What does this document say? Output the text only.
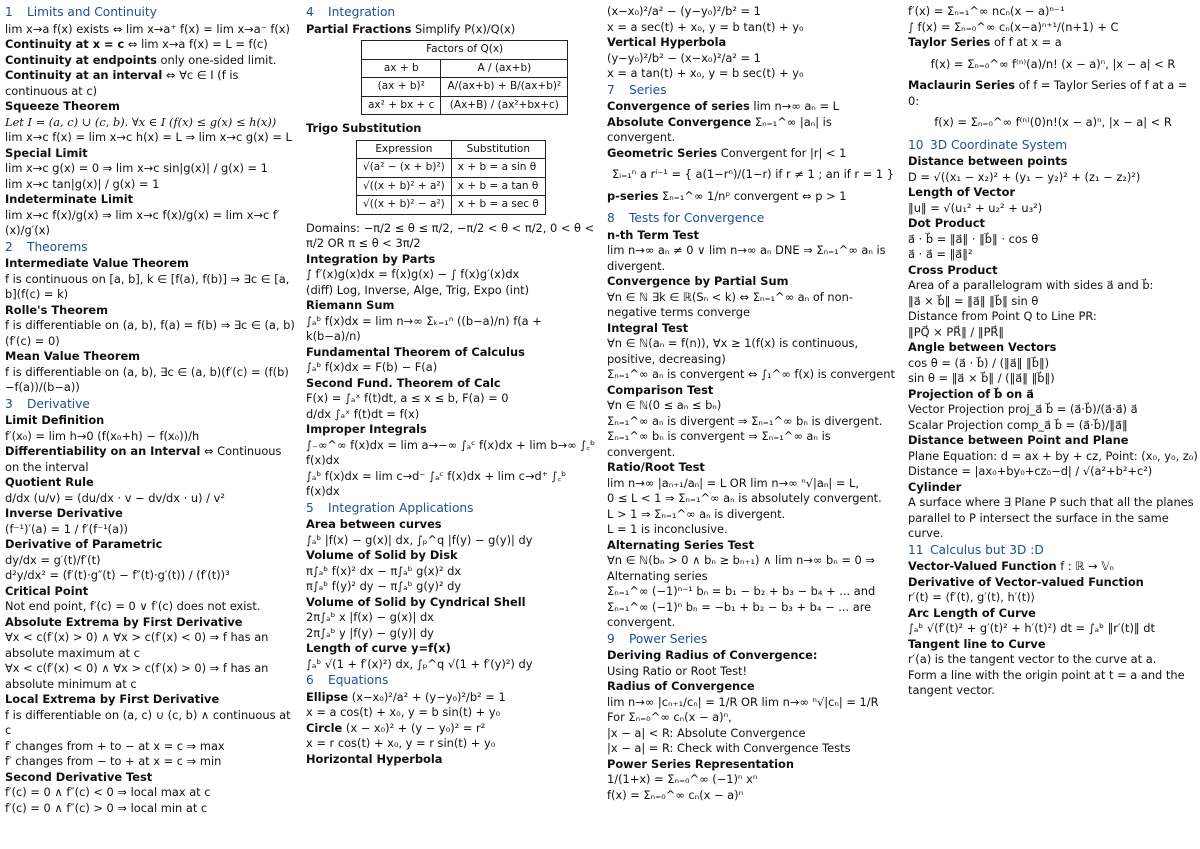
1 Limits and Continuity
lim x→a f(x) exists ⇔ lim x→a⁺ f(x) = lim x→a⁻ f(x)
Continuity at x = c ⇔ lim x→a f(x) = L = f(c)
Continuity at endpoints only one-sided limit.
Continuity at an interval ⇔ ∀c ∈ I (f is continuous at c)
Squeeze Theorem
Let I = (a, c) ∪ (c, b). ∀x ∈ I (f(x) ≤ g(x) ≤ h(x))
lim x→c f(x) = lim x→c h(x) = L ⇒ lim x→c g(x) = L
Special Limit
lim x→c g(x) = 0 ⇒ lim x→c sin|g(x)| / g(x) = 1
lim x→c tan|g(x)| / g(x) = 1
Indeterminate Limit
lim x→c f(x)/g(x) ⇒ lim x→c f(x)/g(x) = lim x→c f′(x)/g′(x)
2 Theorems
Intermediate Value Theorem
f is continuous on [a, b], k ∈ [f(a), f(b)] ⇒ ∃c ∈ [a, b](f(c) = k)
Rolle's Theorem
f is differentiable on (a, b), f(a) = f(b) ⇒ ∃c ∈ (a, b)(f′(c) = 0)
Mean Value Theorem
f is differentiable on (a, b), ∃c ∈ (a, b)(f′(c) = (f(b)−f(a))/(b−a))
3 Derivative
Limit Definition
f′(x₀) = lim h→0 (f(x₀+h) − f(x₀))/h
Differentiability on an Interval ⇔ Continuous on the interval
Quotient Rule
d/dx (u/v) = (du/dx · v − dv/dx · u) / v²
Inverse Derivative
(f⁻¹)′(a) = 1 / f′(f⁻¹(a))
Derivative of Parametric
dy/dx = g′(t)/f′(t)
d²y/dx² = (f′(t)·g″(t) − f″(t)·g′(t)) / (f′(t))³
Critical Point
Not end point, f′(c) = 0 ∨ f′(c) does not exist.
Absolute Extrema by First Derivative
∀x < c(f′(x) > 0) ∧ ∀x > c(f′(x) < 0) ⇒ f has an absolute maximum at c
∀x < c(f′(x) < 0) ∧ ∀x > c(f′(x) > 0) ⇒ f has an absolute minimum at c
Local Extrema by First Derivative
f is differentiable on (a, c) ∪ (c, b) ∧ continuous at c
f′ changes from + to − at x = c ⇒ max
f′ changes from − to + at x = c ⇒ min
Second Derivative Test
f′(c) = 0 ∧ f″(c) < 0 ⇒ local max at c
f′(c) = 0 ∧ f″(c) > 0 ⇒ local min at c
4 Integration
Partial Fractions Simplify P(x)/Q(x)
Factors of Q(x)	
ax + b	A / (ax+b)
(ax + b)²	A/(ax+b) + B/(ax+b)²
ax² + bx + c	(Ax+B) / (ax²+bx+c)
Trigo Substitution
Expression	Substitution
√(a² − (x + b)²)	x + b = a sin θ
√((x + b)² + a²)	x + b = a tan θ
√((x + b)² − a²)	x + b = a sec θ
Domains: −π/2 ≤ θ ≤ π/2, −π/2 < θ < π/2, 0 < θ < π/2 OR π ≤ θ < 3π/2
Integration by Parts
∫ f′(x)g(x)dx = f(x)g(x) − ∫ f(x)g′(x)dx
(diff) Log, Inverse, Alge, Trig, Expo (int)
Riemann Sum
∫ₐᵇ f(x)dx = lim n→∞ Σₖ₌₁ⁿ ((b−a)/n) f(a + k(b−a)/n)
Fundamental Theorem of Calculus
∫ₐᵇ f(x)dx = F(b) − F(a)
Second Fund. Theorem of Calc
F(x) = ∫ₐˣ f(t)dt, a ≤ x ≤ b, F(a) = 0
d/dx ∫ₐˣ f(t)dt = f(x)
Improper Integrals
∫₋∞^∞ f(x)dx = lim a→−∞ ∫ₐᶜ f(x)dx + lim b→∞ ∫꜀ᵇ f(x)dx
∫ₐᵇ f(x)dx = lim c→d⁻ ∫ₐᶜ f(x)dx + lim c→d⁺ ∫꜀ᵇ f(x)dx
5 Integration Applications
Area between curves
∫ₐᵇ |f(x) − g(x)| dx, ∫ₚ^q |f(y) − g(y)| dy
Volume of Solid by Disk
π∫ₐᵇ f(x)² dx − π∫ₐᵇ g(x)² dx
π∫ₐᵇ f(y)² dy − π∫ₐᵇ g(y)² dy
Volume of Solid by Cyndrical Shell
2π∫ₐᵇ x |f(x) − g(x)| dx
2π∫ₐᵇ y |f(y) − g(y)| dy
Length of curve y=f(x)
∫ₐᵇ √(1 + f′(x)²) dx, ∫ₚ^q √(1 + f′(y)²) dy
6 Equations
Ellipse (x−x₀)²/a² + (y−y₀)²/b² = 1
x = a cos(t) + x₀, y = b sin(t) + y₀
Circle (x − x₀)² + (y − y₀)² = r²
x = r cos(t) + x₀, y = r sin(t) + y₀
Horizontal Hyperbola
(x−x₀)²/a² − (y−y₀)²/b² = 1
x = a sec(t) + x₀, y = b tan(t) + y₀
Vertical Hyperbola
(y−y₀)²/b² − (x−x₀)²/a² = 1
x = a tan(t) + x₀, y = b sec(t) + y₀
7 Series
Convergence of series lim n→∞ aₙ = L
Absolute Convergence Σₙ₌₁^∞ |aₙ| is convergent.
Geometric Series Convergent for |r| < 1
Σᵢ₌₁ⁿ a rⁱ⁻¹ = { a(1−rⁿ)/(1−r) if r ≠ 1 ; an if r = 1 }
p-series Σₙ₌₁^∞ 1/nᵖ convergent ⇔ p > 1
8 Tests for Convergence
n-th Term Test
lim n→∞ aₙ ≠ 0 ∨ lim n→∞ aₙ DNE ⇒ Σₙ₌₁^∞ aₙ is divergent.
Convergence by Partial Sum
∀n ∈ ℕ ∃k ∈ ℝ(Sₙ < k) ⇔ Σₙ₌₁^∞ aₙ of non-negative terms converge
Integral Test
∀n ∈ ℕ(aₙ = f(n)), ∀x ≥ 1(f(x) is continuous, positive, decreasing)
Σₙ₌₁^∞ aₙ is convergent ⇔ ∫₁^∞ f(x) is convergent
Comparison Test
∀n ∈ ℕ(0 ≤ aₙ ≤ bₙ)
Σₙ₌₁^∞ aₙ is divergent ⇒ Σₙ₌₁^∞ bₙ is divergent.
Σₙ₌₁^∞ bₙ is convergent ⇒ Σₙ₌₁^∞ aₙ is convergent.
Ratio/Root Test
lim n→∞ |aₙ₊₁/aₙ| = L OR lim n→∞ ⁿ√|aₙ| = L,
0 ≤ L < 1 ⇒ Σₙ₌₁^∞ aₙ is absolutely convergent.
L > 1 ⇒ Σₙ₌₁^∞ aₙ is divergent.
L = 1 is inconclusive.
Alternating Series Test
∀n ∈ ℕ(bₙ > 0 ∧ bₙ ≥ bₙ₊₁) ∧ lim n→∞ bₙ = 0 ⇒ Alternating series
Σₙ₌₁^∞ (−1)ⁿ⁻¹ bₙ = b₁ − b₂ + b₃ − b₄ + ... and
Σₙ₌₁^∞ (−1)ⁿ bₙ = −b₁ + b₂ − b₃ + b₄ − ... are convergent.
9 Power Series
Deriving Radius of Convergence:
Using Ratio or Root Test!
Radius of Convergence
lim n→∞ |cₙ₊₁/cₙ| = 1/R OR lim n→∞ ⁿ√|cₙ| = 1/R
For Σₙ₌₀^∞ cₙ(x − a)ⁿ,
|x − a| < R: Absolute Convergence
|x − a| = R: Check with Convergence Tests
Power Series Representation
1/(1+x) = Σₙ₌₀^∞ (−1)ⁿ xⁿ
f(x) = Σₙ₌₀^∞ cₙ(x − a)ⁿ
f′(x) = Σₙ₌₁^∞ ncₙ(x − a)ⁿ⁻¹
∫ f(x) = Σₙ₌₀^∞ cₙ(x−a)ⁿ⁺¹/(n+1) + C
Taylor Series of f at x = a
f(x) = Σₙ₌₀^∞ f⁽ⁿ⁾(a)/n! (x − a)ⁿ, |x − a| < R
Maclaurin Series of f = Taylor Series of f at a = 0:
f(x) = Σₙ₌₀^∞ f⁽ⁿ⁾(0)n!(x − a)ⁿ, |x − a| < R
10 3D Coordinate System
Distance between points
D = √((x₁ − x₂)² + (y₁ − y₂)² + (z₁ − z₂)²)
Length of Vector
‖u‖ = √(u₁² + u₂² + u₃²)
Dot Product
a⃗ · b⃗ = ‖a⃗‖ · ‖b⃗‖ · cos θ
a⃗ · a⃗ = ‖a⃗‖²
Cross Product
Area of a parallelogram with sides a⃗ and b⃗:
‖a⃗ × b⃗‖ = ‖a⃗‖ ‖b⃗‖ sin θ
Distance from Point Q to Line PR:
‖PQ⃗ × PR⃗‖ / ‖PR⃗‖
Angle between Vectors
cos θ = (a⃗ · b⃗) / (‖a⃗‖ ‖b⃗‖)
sin θ = ‖a⃗ × b⃗‖ / (‖a⃗‖ ‖b⃗‖)
Projection of b⃗ on a⃗
Vector Projection proj_a⃗ b⃗ = (a⃗·b⃗)/(a⃗·a⃗) a⃗
Scalar Projection comp_a⃗ b⃗ = (a⃗·b⃗)/‖a⃗‖
Distance between Point and Plane
Plane Equation: d = ax + by + cz, Point: (x₀, y₀, z₀)
Distance = |ax₀+by₀+cz₀−d| / √(a²+b²+c²)
Cylinder
A surface where ∃ Plane P such that all the planes parallel to P intersect the surface in the same curve.
11 Calculus but 3D :D
Vector-Valued Function f : ℝ → 𝕍ₙ
Derivative of Vector-valued Function
r′(t) = ⟨f′(t), g′(t), h′(t)⟩
Arc Length of Curve
∫ₐᵇ √(f′(t)² + g′(t)² + h′(t)²) dt = ∫ₐᵇ ‖r′(t)‖ dt
Tangent line to Curve
r′(a) is the tangent vector to the curve at a.
Form a line with the origin point at t = a and the tangent vector.
